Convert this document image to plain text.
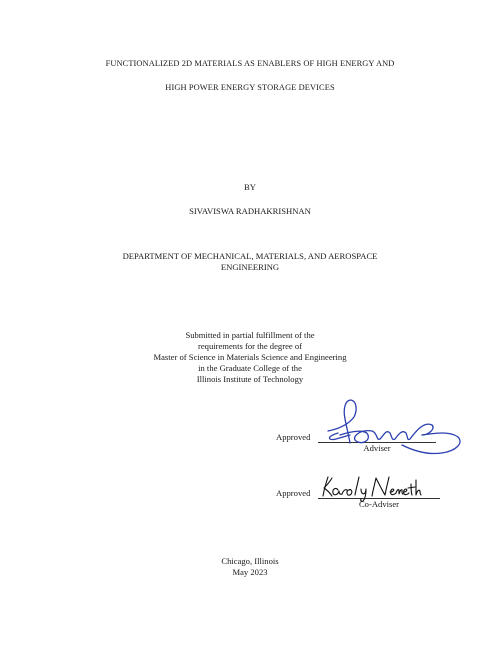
FUNCTIONALIZED 2D MATERIALS AS ENABLERS OF HIGH ENERGY AND
HIGH POWER ENERGY STORAGE DEVICES
BY
SIVAVISWA RADHAKRISHNAN
DEPARTMENT OF MECHANICAL, MATERIALS, AND AEROSPACE
ENGINEERING
Submitted in partial fulfillment of the
requirements for the degree of
Master of Science in Materials Science and Engineering
in the Graduate College of the
Illinois Institute of Technology
Approved
Adviser
Approved
Co-Adviser
Chicago, Illinois
May 2023
